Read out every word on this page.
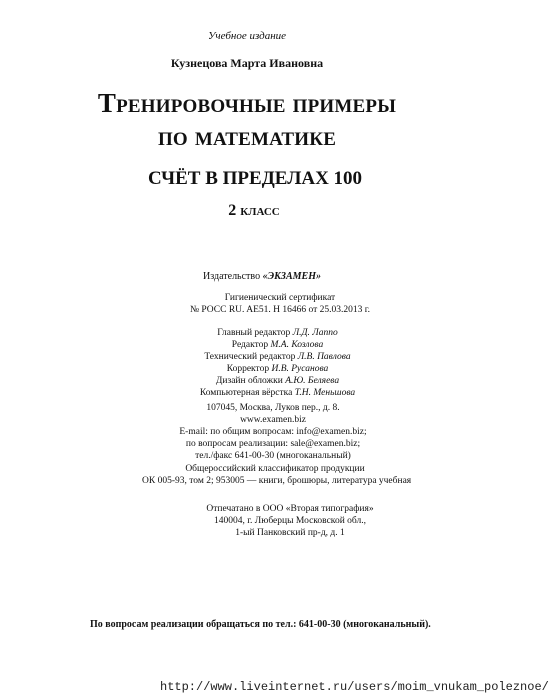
Учебное издание
Кузнецова Марта Ивановна
Тренировочные примеры
по математике
СЧЁТ В ПРЕДЕЛАХ 100
2 класс
Издательство «ЭКЗАМЕН»
Гигиенический сертификат
№ РОСС RU. AE51. H 16466 от 25.03.2013 г.
Главный редактор Л.Д. Лаппо
Редактор М.А. Козлова
Технический редактор Л.В. Павлова
Корректор И.В. Русанова
Дизайн обложки А.Ю. Беляева
Компьютерная вёрстка Т.Н. Меньшова
107045, Москва, Луков пер., д. 8.
www.examen.biz
E-mail: по общим вопросам: info@examen.biz;
по вопросам реализации: sale@examen.biz;
тел./факс 641-00-30 (многоканальный)
Общероссийский классификатор продукции
ОК 005-93, том 2; 953005 — книги, брошюры, литература учебная
Отпечатано в ООО «Вторая типография»
140004, г. Люберцы Московской обл.,
1-ый Панковский пр-д, д. 1
По вопросам реализации обращаться по тел.: 641-00-30 (многоканальный).
http://www.liveinternet.ru/users/moim_vnukam_poleznoe/
